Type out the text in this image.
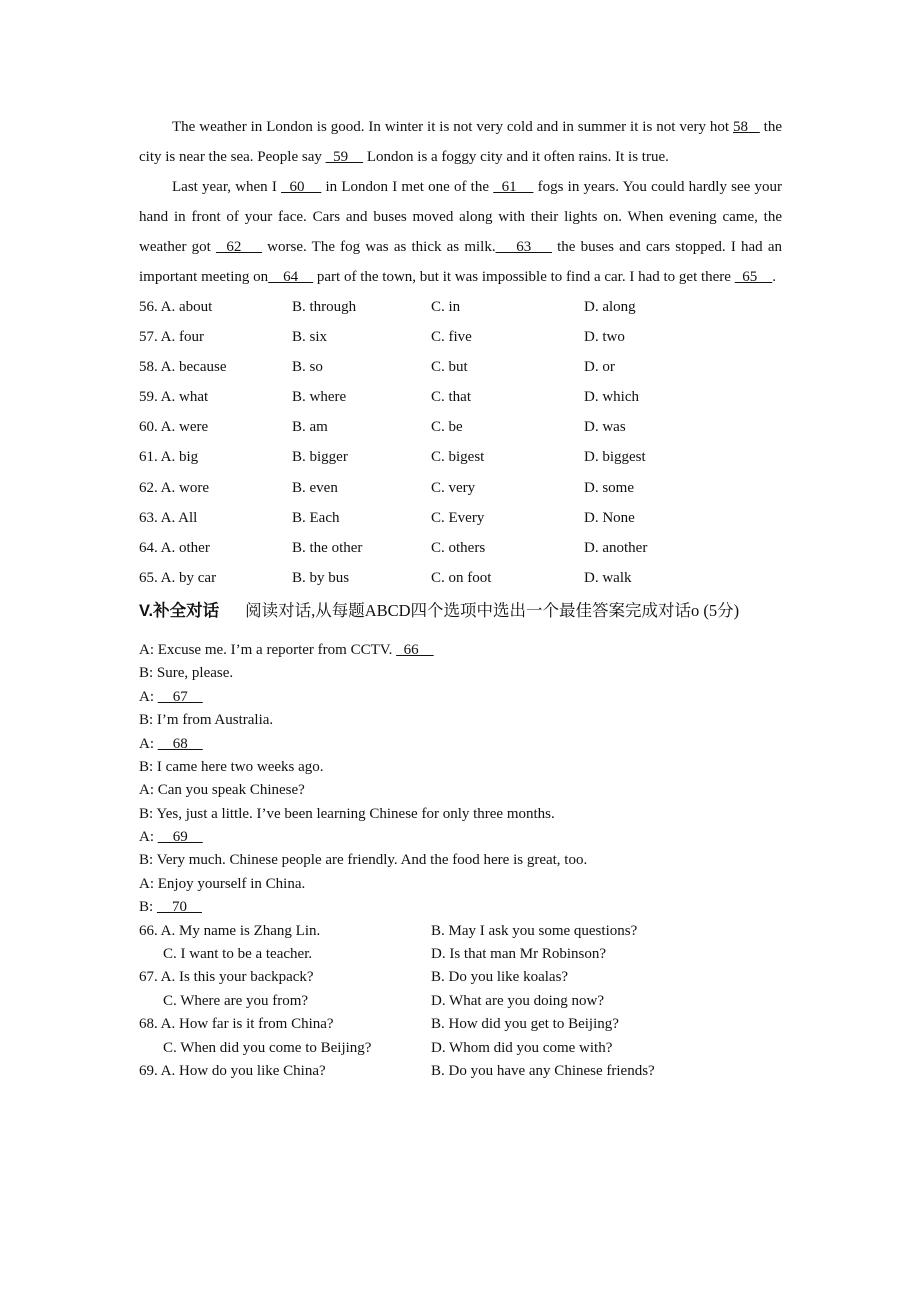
The weather in London is good. In winter it is not very cold and in summer it is not very hot 58    the city is near the sea. People say   59     London is a foggy city and it often rains. It is true.

Last year, when I   60     in London I met one of the   61     fogs in years. You could hardly see your hand in front of your face. Cars and buses moved along with their lights on. When evening came, the weather got   62     worse. The fog was as thick as milk.    63     the buses and cars stopped. I had an important meeting on    64     part of the town, but it was impossible to find a car. I had to get there   65    .

56. A. about	B. through	C. in	D. along
57. A. four	B. six	C. five	D. two
58. A. because	B. so	C. but	D. or
59. A. what	B. where	C. that	D. which
60. A. were	B. am	C. be	D. was
61. A. big	B. bigger	C. bigest	D. biggest
62. A. wore	B. even	C. very	D. some
63. A. All	B. Each	C. Every	D. None
64. A. other	B. the other	C. others	D. another
65. A. by car	B. by bus	C. on foot	D. walk
V.补全对话 阅读对话,从每题ABCD四个选项中选出一个最佳答案完成对话o (5分)
A: Excuse me. I’m a reporter from CCTV.   66
B: Sure, please.
A:     67
B: I’m from Australia.
A:     68
B: I came here two weeks ago.
A: Can you speak Chinese?
B: Yes, just a little. I’ve been learning Chinese for only three months.
A:     69
B: Very much. Chinese people are friendly. And the food here is great, too.
A: Enjoy yourself in China.
B:     70
66. A. My name is Zhang Lin.	B. May I ask you some questions?
C. I want to be a teacher.	D. Is that man Mr Robinson?
67. A. Is this your backpack?	B. Do you like koalas?
C. Where are you from?	D. What are you doing now?
68. A. How far is it from China?	B. How did you get to Beijing?
C. When did you come to Beijing?	D. Whom did you come with?
69. A. How do you like China?	B. Do you have any Chinese friends?
